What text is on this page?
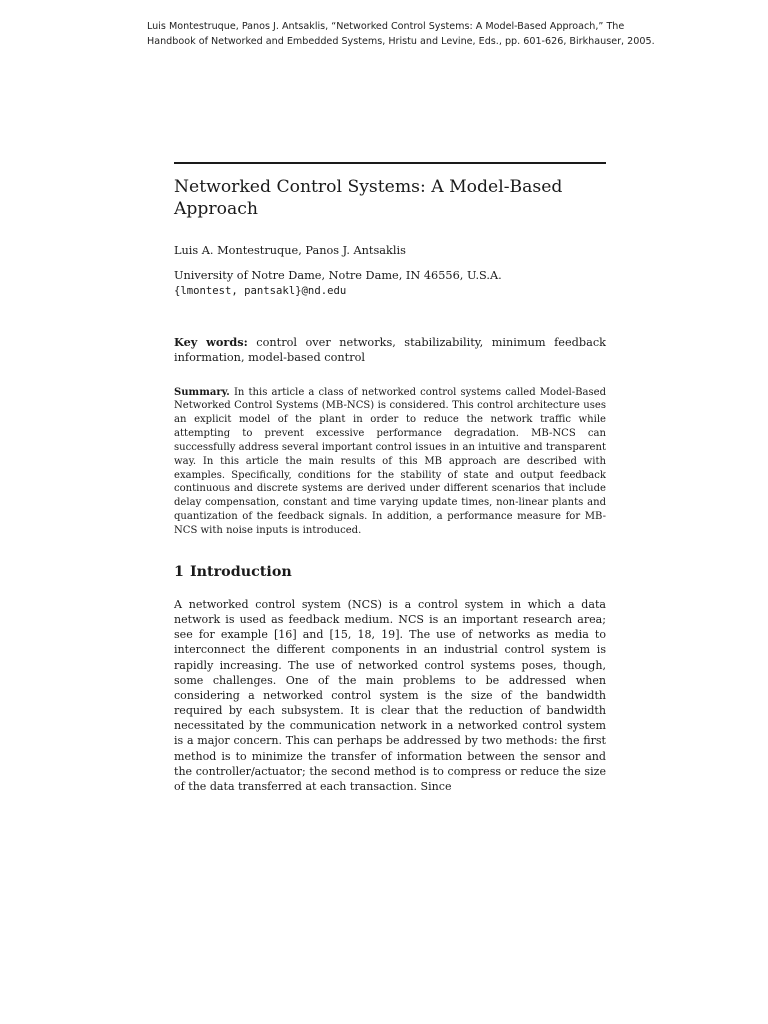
Luis Montestruque, Panos J. Antsaklis, “Networked Control Systems: A Model-Based Approach,” The
Handbook of Networked and Embedded Systems, Hristu and Levine, Eds., pp. 601-626, Birkhauser, 2005.
Networked Control Systems: A Model-Based Approach
Luis A. Montestruque, Panos J. Antsaklis
University of Notre Dame, Notre Dame, IN 46556, U.S.A.
{lmontest, pantsakl}@nd.edu
Key words: control over networks, stabilizability, minimum feedback information, model-based control
Summary. In this article a class of networked control systems called Model-Based Networked Control Systems (MB-NCS) is considered. This control architecture uses an explicit model of the plant in order to reduce the network traffic while attempting to prevent excessive performance degradation. MB-NCS can successfully address several important control issues in an intuitive and transparent way. In this article the main results of this MB approach are described with examples. Specifically, conditions for the stability of state and output feedback continuous and discrete systems are derived under different scenarios that include delay compensation, constant and time varying update times, non-linear plants and quantization of the feedback signals. In addition, a performance measure for MB-NCS with noise inputs is introduced.
1 Introduction
A networked control system (NCS) is a control system in which a data network is used as feedback medium. NCS is an important research area; see for example [16] and [15, 18, 19]. The use of networks as media to interconnect the different components in an industrial control system is rapidly increasing. The use of networked control systems poses, though, some challenges. One of the main problems to be addressed when considering a networked control system is the size of the bandwidth required by each subsystem. It is clear that the reduction of bandwidth necessitated by the communication network in a networked control system is a major concern. This can perhaps be addressed by two methods: the first method is to minimize the transfer of information between the sensor and the controller/actuator; the second method is to compress or reduce the size of the data transferred at each transaction. Since
